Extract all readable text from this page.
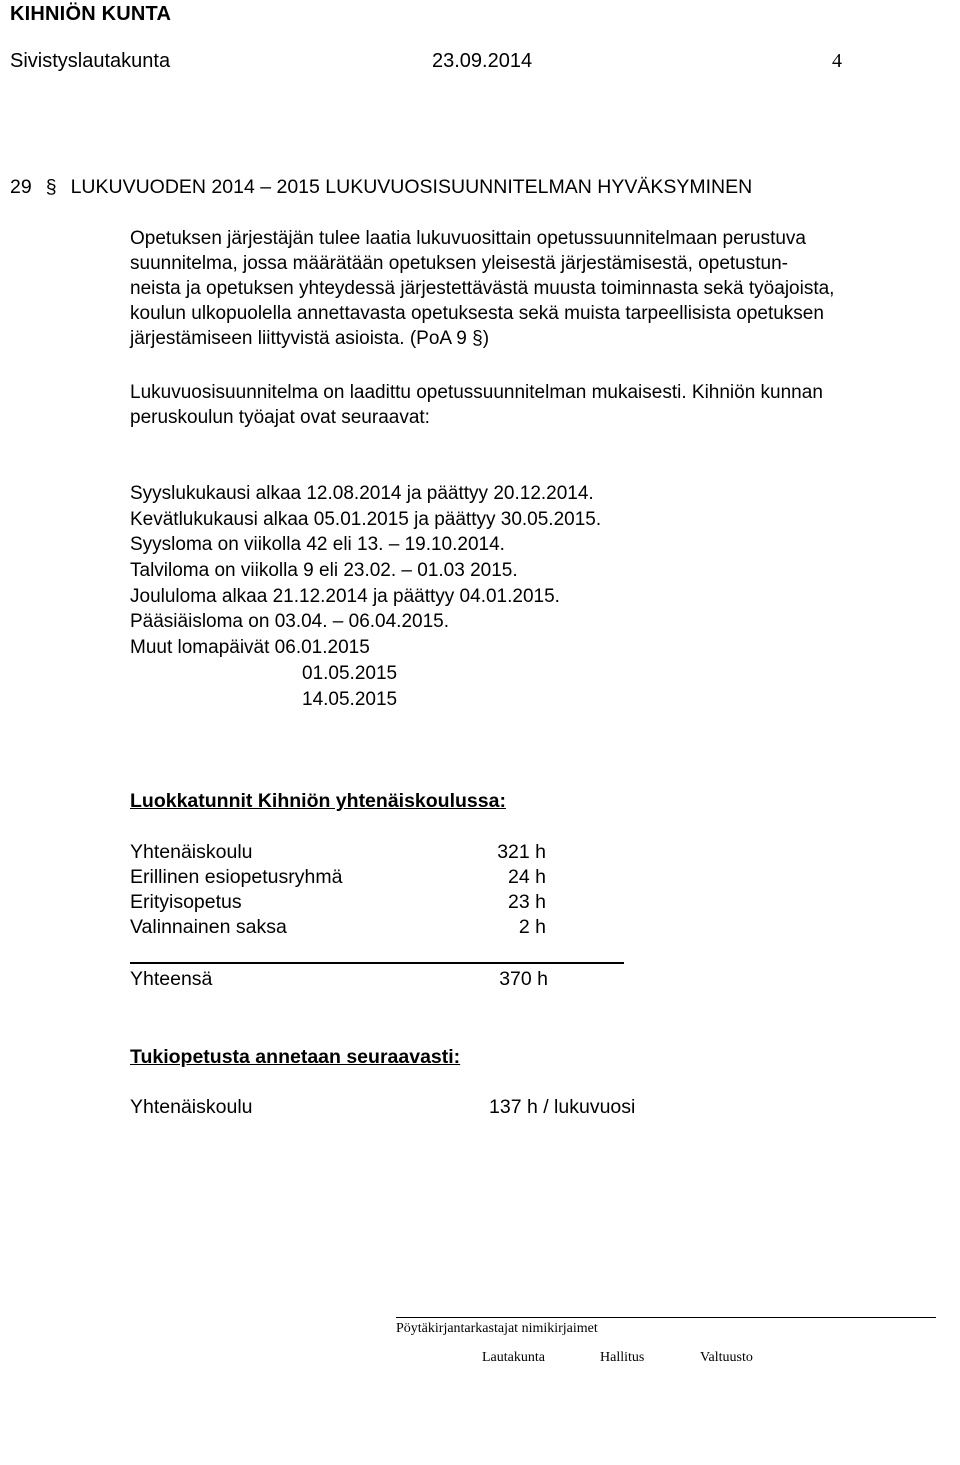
KIHNIÖN KUNTA
Sivistyslautakunta	23.09.2014	4
29 § LUKUVUODEN 2014 – 2015 LUKUVUOSISUUNNITELMAN HYVÄKSYMINEN
Opetuksen järjestäjän tulee laatia lukuvuosittain opetussuunnitelmaan perustuva
suunnitelma, jossa määrätään opetuksen yleisestä järjestämisestä, opetustun-
neista ja opetuksen yhteydessä järjestettävästä muusta toiminnasta sekä työajoista,
koulun ulkopuolella annettavasta opetuksesta sekä muista tarpeellisista opetuksen
järjestämiseen liittyvistä asioista. (PoA 9 §)
Lukuvuosisuunnitelma on laadittu opetussuunnitelman mukaisesti. Kihniön kunnan
peruskoulun työajat ovat seuraavat:
Syyslukukausi alkaa 12.08.2014 ja päättyy 20.12.2014.
Kevätlukukausi alkaa 05.01.2015 ja päättyy 30.05.2015.
Syysloma on viikolla 42 eli 13. – 19.10.2014.
Talviloma on viikolla 9 eli 23.02. – 01.03 2015.
Joululoma alkaa 21.12.2014 ja päättyy 04.01.2015.
Pääsiäisloma on 03.04. – 06.04.2015.
Muut lomapäivät 06.01.2015
01.05.2015
14.05.2015
Luokkatunnit Kihniön yhtenäiskoulussa:
Yhtenäiskoulu	321 h
Erillinen esiopetusryhmä	24 h
Erityisopetus	23 h
Valinnainen saksa	2 h
Yhteensä	370 h
Tukiopetusta annetaan seuraavasti:
Yhtenäiskoulu	137 h / lukuvuosi
Pöytäkirjantarkastajat nimikirjaimet
Lautakunta	Hallitus	Valtuusto
